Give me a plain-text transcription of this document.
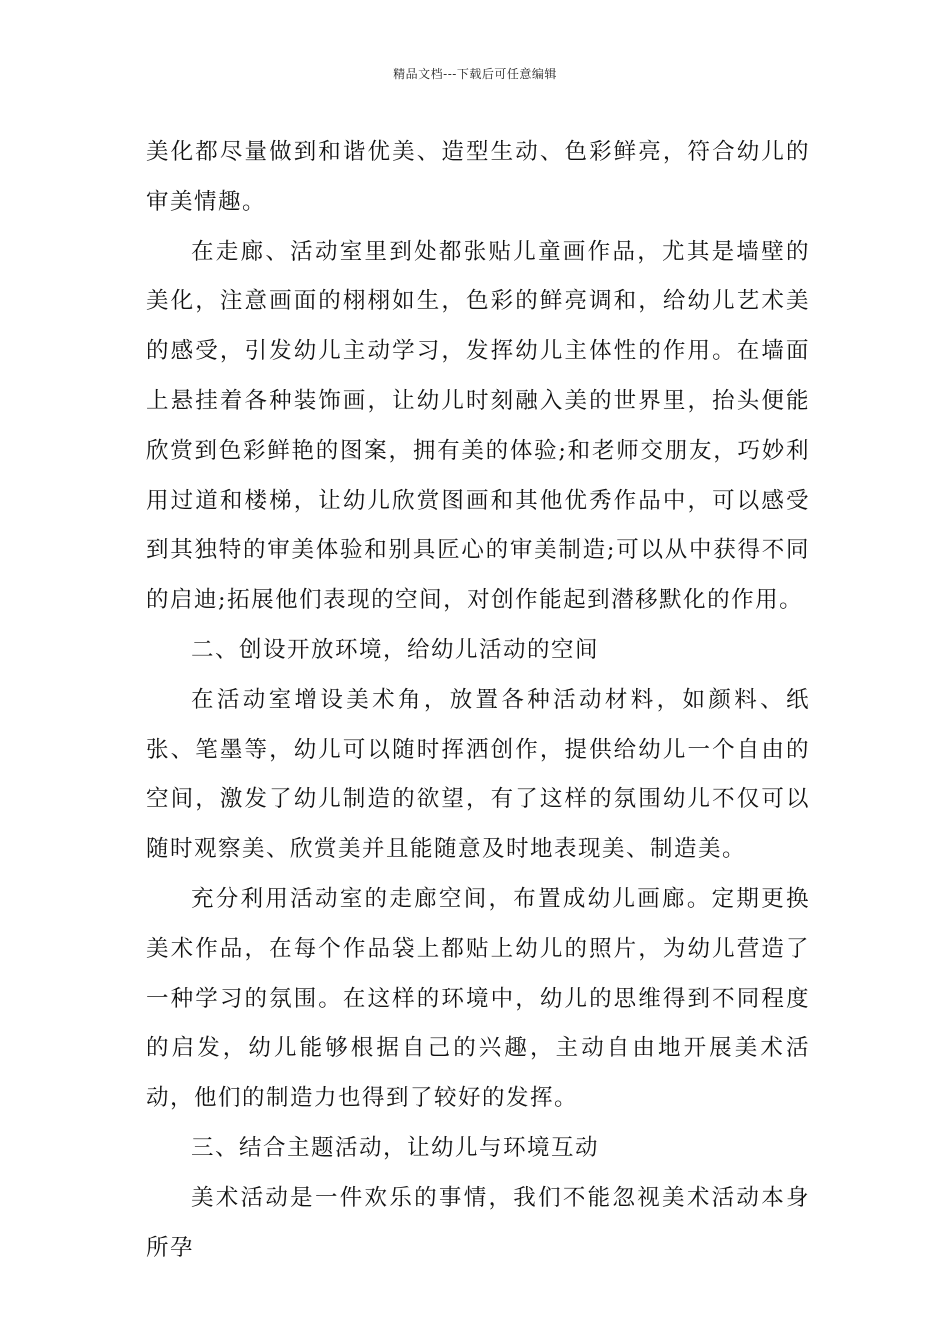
精品文档---下载后可任意编辑

美化都尽量做到和谐优美、造型生动、色彩鲜亮，符合幼儿的审美情趣。

在走廊、活动室里到处都张贴儿童画作品，尤其是墙壁的美化，注意画面的栩栩如生，色彩的鲜亮调和，给幼儿艺术美的感受，引发幼儿主动学习，发挥幼儿主体性的作用。在墙面上悬挂着各种装饰画，让幼儿时刻融入美的世界里，抬头便能欣赏到色彩鲜艳的图案，拥有美的体验;和老师交朋友，巧妙利用过道和楼梯，让幼儿欣赏图画和其他优秀作品中，可以感受到其独特的审美体验和别具匠心的审美制造;可以从中获得不同的启迪;拓展他们表现的空间，对创作能起到潜移默化的作用。

二、创设开放环境，给幼儿活动的空间

在活动室增设美术角，放置各种活动材料，如颜料、纸张、笔墨等，幼儿可以随时挥洒创作，提供给幼儿一个自由的空间，激发了幼儿制造的欲望，有了这样的氛围幼儿不仅可以随时观察美、欣赏美并且能随意及时地表现美、制造美。

充分利用活动室的走廊空间，布置成幼儿画廊。定期更换美术作品，在每个作品袋上都贴上幼儿的照片，为幼儿营造了一种学习的氛围。在这样的环境中，幼儿的思维得到不同程度的启发，幼儿能够根据自己的兴趣，主动自由地开展美术活动，他们的制造力也得到了较好的发挥。

三、结合主题活动，让幼儿与环境互动

美术活动是一件欢乐的事情，我们不能忽视美术活动本身所孕
